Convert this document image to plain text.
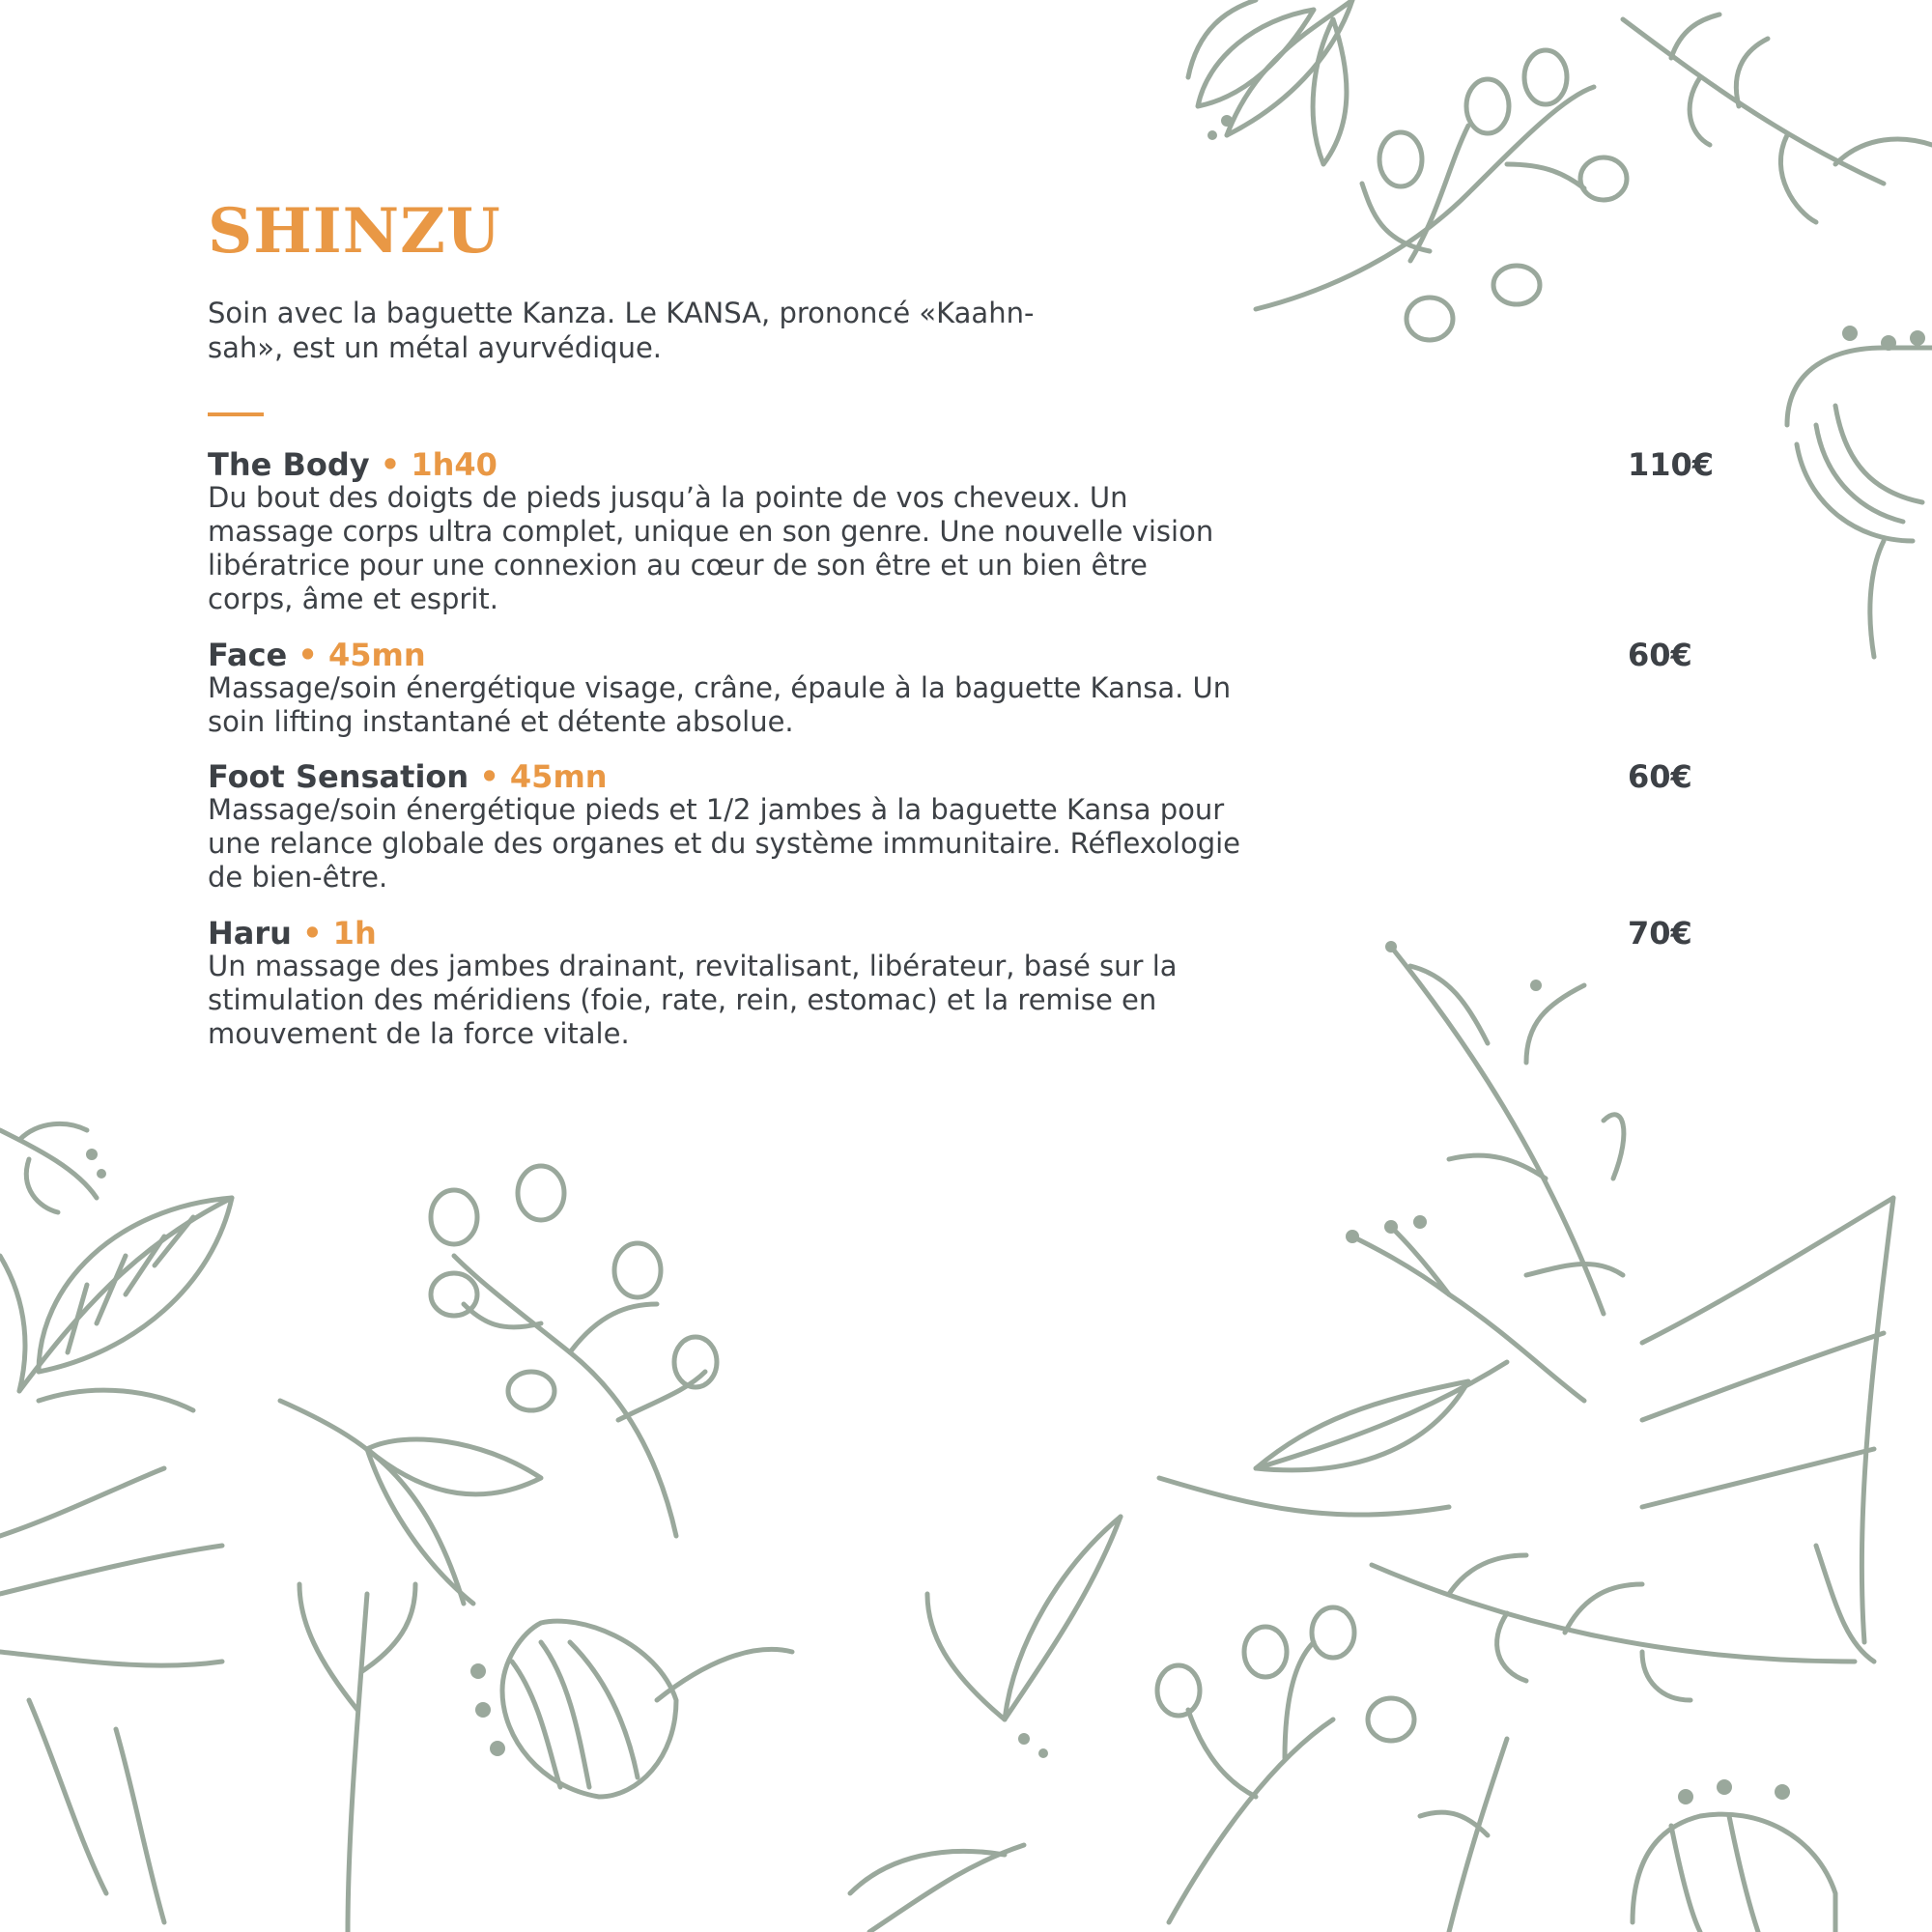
SHINZU
Soin avec la baguette Kanza. Le KANSA, prononcé «Kaahn-sah», est un métal ayurvédique.
The Body • 1h40	110€
Du bout des doigts de pieds jusqu’à la pointe de vos cheveux. Un massage corps ultra complet, unique en son genre. Une nouvelle vision libératrice pour une connexion au cœur de son être et un bien être corps, âme et esprit.
Face • 45mn	60€
Massage/soin énergétique visage, crâne, épaule à la baguette Kansa. Un soin lifting instantané et détente absolue.
Foot Sensation • 45mn	60€
Massage/soin énergétique pieds et 1/2 jambes à la baguette Kansa pour une relance globale des organes et du système immunitaire. Réflexologie de bien-être.
Haru • 1h	70€
Un massage des jambes drainant, revitalisant, libérateur, basé sur la stimulation des méridiens (foie, rate, rein, estomac) et la remise en mouvement de la force vitale.
